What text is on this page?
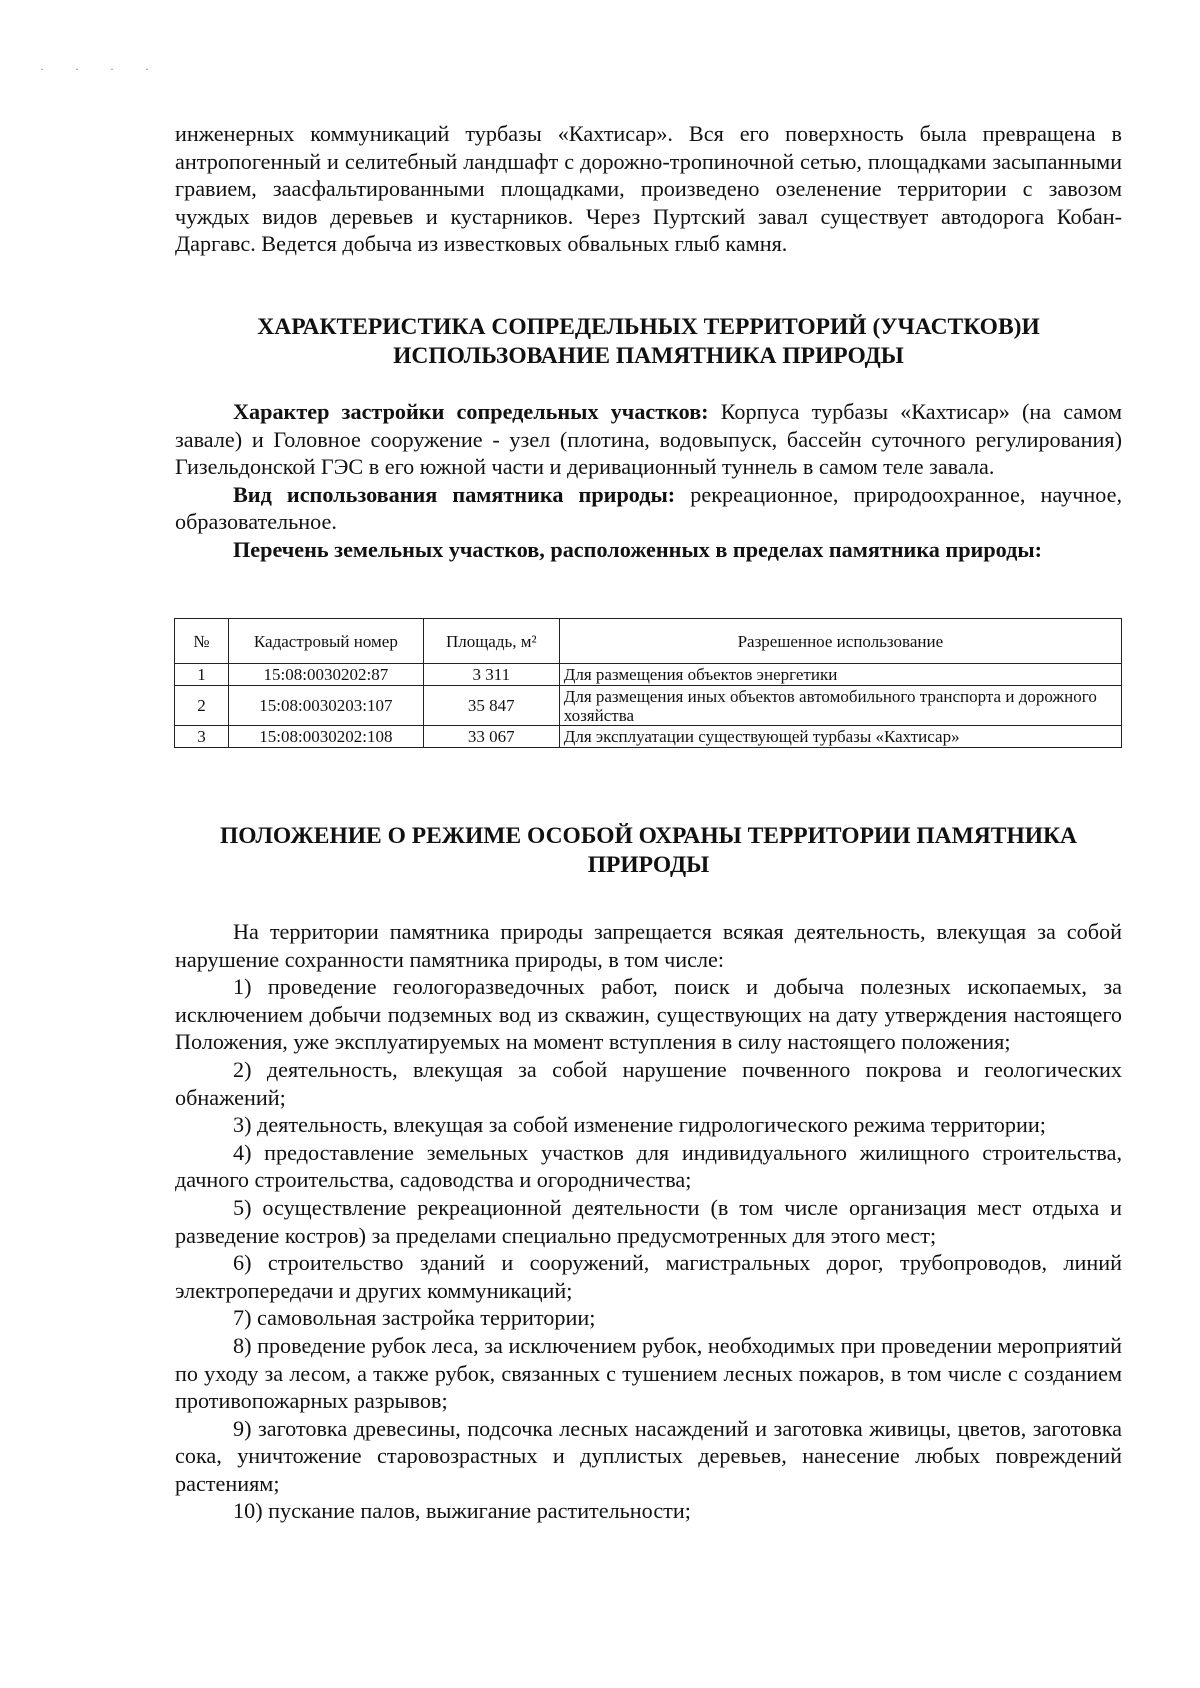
· · · ·

инженерных коммуникаций турбазы «Кахтисар». Вся его поверхность была превращена в антропогенный и селитебный ландшафт с дорожно-тропиночной сетью, площадками засыпанными гравием, заасфальтированными площадками, произведено озеленение территории с завозом чуждых видов деревьев и кустарников. Через Пуртский завал существует автодорога Кобан-Даргавс. Ведется добыча из известковых обвальных глыб камня.

ХАРАКТЕРИСТИКА СОПРЕДЕЛЬНЫХ ТЕРРИТОРИЙ (УЧАСТКОВ)И
ИСПОЛЬЗОВАНИЕ ПАМЯТНИКА ПРИРОДЫ

Характер застройки сопредельных участков: Корпуса турбазы «Кахтисар» (на самом завале) и Головное сооружение - узел (плотина, водовыпуск, бассейн суточного регулирования) Гизельдонской ГЭС в его южной части и деривационный туннель в самом теле завала.

Вид использования памятника природы: рекреационное, природоохранное, научное, образовательное.

Перечень земельных участков, расположенных в пределах памятника природы:

№	Кадастровый номер	Площадь, м²	Разрешенное использование
1	15:08:0030202:87	3 311	Для размещения объектов энергетики
2	15:08:0030203:107	35 847	Для размещения иных объектов автомобильного транспорта и дорожного хозяйства
3	15:08:0030202:108	33 067	Для эксплуатации существующей турбазы «Кахтисар»
ПОЛОЖЕНИЕ О РЕЖИМЕ ОСОБОЙ ОХРАНЫ ТЕРРИТОРИИ ПАМЯТНИКА
ПРИРОДЫ

На территории памятника природы запрещается всякая деятельность, влекущая за собой нарушение сохранности памятника природы, в том числе:

1) проведение геологоразведочных работ, поиск и добыча полезных ископаемых, за исключением добычи подземных вод из скважин, существующих на дату утверждения настоящего Положения, уже эксплуатируемых на момент вступления в силу настоящего положения;

2) деятельность, влекущая за собой нарушение почвенного покрова и геологических обнажений;

3) деятельность, влекущая за собой изменение гидрологического режима территории;

4) предоставление земельных участков для индивидуального жилищного строительства, дачного строительства, садоводства и огородничества;

5) осуществление рекреационной деятельности (в том числе организация мест отдыха и разведение костров) за пределами специально предусмотренных для этого мест;

6) строительство зданий и сооружений, магистральных дорог, трубопроводов, линий электропередачи и других коммуникаций;

7) самовольная застройка территории;

8) проведение рубок леса, за исключением рубок, необходимых при проведении мероприятий по уходу за лесом, а также рубок, связанных с тушением лесных пожаров, в том числе с созданием противопожарных разрывов;

9) заготовка древесины, подсочка лесных насаждений и заготовка живицы, цветов, заготовка сока, уничтожение старовозрастных и дуплистых деревьев, нанесение любых повреждений растениям;

10) пускание палов, выжигание растительности;
